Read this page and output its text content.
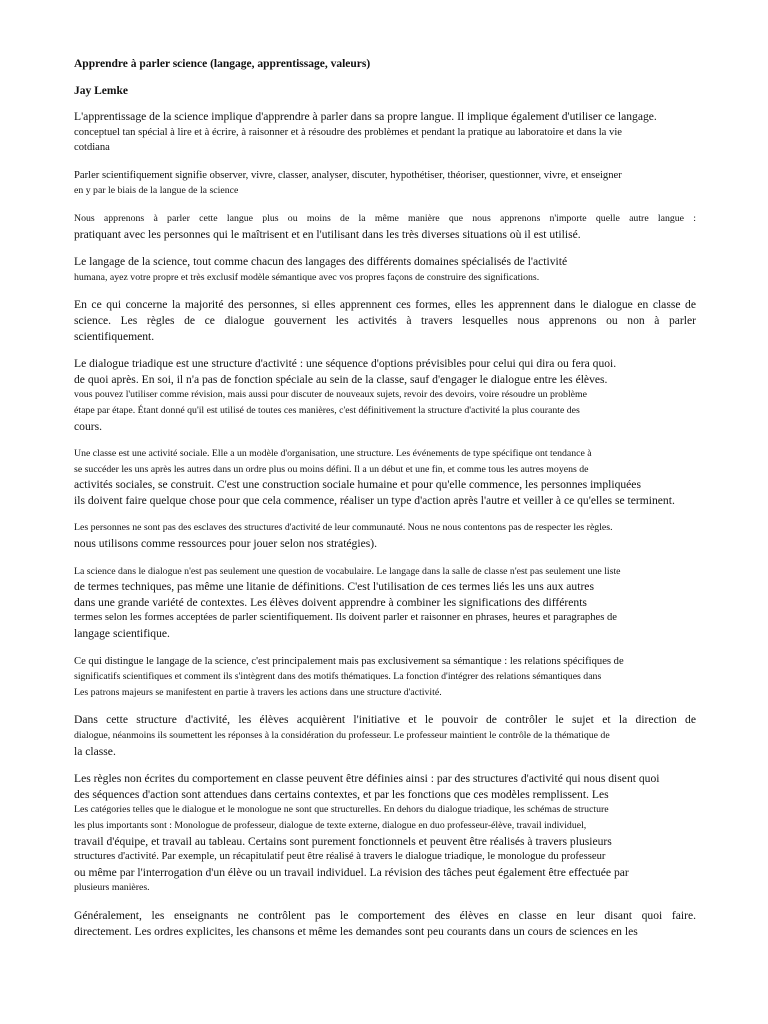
Apprendre à parler science (langage, apprentissage, valeurs)
Jay Lemke
L'apprentissage de la science implique d'apprendre à parler dans sa propre langue. Il implique également d'utiliser ce langage.
conceptuel tan spécial à lire et à écrire, à raisonner et à résoudre des problèmes et pendant la pratique au laboratoire et dans la vie
cotdiana
Parler scientifiquement signifie observer, vivre, classer, analyser, discuter, hypothétiser, théoriser, questionner, vivre, et enseigner
en y par le biais de la langue de la science
Nous apprenons à parler cette langue plus ou moins de la même manière que nous apprenons n'importe quelle autre langue :
pratiquant avec les personnes qui le maîtrisent et en l'utilisant dans les très diverses situations où il est utilisé.
Le langage de la science, tout comme chacun des langages des différents domaines spécialisés de l'activité
humana, ayez votre propre et très exclusif modèle sémantique avec vos propres façons de construire des significations.
En ce qui concerne la majorité des personnes, si elles apprennent ces formes, elles les apprennent dans le dialogue en classe de
science. Les règles de ce dialogue gouvernent les activités à travers lesquelles nous apprenons ou non à parler
scientifiquement.
Le dialogue triadique est une structure d'activité : une séquence d'options prévisibles pour celui qui dira ou fera quoi.
de quoi après. En soi, il n'a pas de fonction spéciale au sein de la classe, sauf d'engager le dialogue entre les élèves.
vous pouvez l'utiliser comme révision, mais aussi pour discuter de nouveaux sujets, revoir des devoirs, voire résoudre un problème
étape par étape. Étant donné qu'il est utilisé de toutes ces manières, c'est définitivement la structure d'activité la plus courante des
cours.
Une classe est une activité sociale. Elle a un modèle d'organisation, une structure. Les événements de type spécifique ont tendance à
se succéder les uns après les autres dans un ordre plus ou moins défini. Il a un début et une fin, et comme tous les autres moyens de
activités sociales, se construit. C'est une construction sociale humaine et pour qu'elle commence, les personnes impliquées
ils doivent faire quelque chose pour que cela commence, réaliser un type d'action après l'autre et veiller à ce qu'elles se terminent.
Les personnes ne sont pas des esclaves des structures d'activité de leur communauté. Nous ne nous contentons pas de respecter les règles.
nous utilisons comme ressources pour jouer selon nos stratégies).
La science dans le dialogue n'est pas seulement une question de vocabulaire. Le langage dans la salle de classe n'est pas seulement une liste
de termes techniques, pas même une litanie de définitions. C'est l'utilisation de ces termes liés les uns aux autres
dans une grande variété de contextes. Les élèves doivent apprendre à combiner les significations des différents
termes selon les formes acceptées de parler scientifiquement. Ils doivent parler et raisonner en phrases, heures et paragraphes de
langage scientifique.
Ce qui distingue le langage de la science, c'est principalement mais pas exclusivement sa sémantique : les relations spécifiques de
significatifs scientifiques et comment ils s'intègrent dans des motifs thématiques. La fonction d'intégrer des relations sémantiques dans
Les patrons majeurs se manifestent en partie à travers les actions dans une structure d'activité.
Dans cette structure d'activité, les élèves acquièrent l'initiative et le pouvoir de contrôler le sujet et la direction de
dialogue, néanmoins ils soumettent les réponses à la considération du professeur. Le professeur maintient le contrôle de la thématique de
la classe.
Les règles non écrites du comportement en classe peuvent être définies ainsi : par des structures d'activité qui nous disent quoi
des séquences d'action sont attendues dans certains contextes, et par les fonctions que ces modèles remplissent. Les
Les catégories telles que le dialogue et le monologue ne sont que structurelles. En dehors du dialogue triadique, les schémas de structure
les plus importants sont : Monologue de professeur, dialogue de texte externe, dialogue en duo professeur-élève, travail individuel,
travail d'équipe, et travail au tableau. Certains sont purement fonctionnels et peuvent être réalisés à travers plusieurs
structures d'activité. Par exemple, un récapitulatif peut être réalisé à travers le dialogue triadique, le monologue du professeur
ou même par l'interrogation d'un élève ou un travail individuel. La révision des tâches peut également être effectuée par
plusieurs manières.
Généralement, les enseignants ne contrôlent pas le comportement des élèves en classe en leur disant quoi faire.
directement. Les ordres explicites, les chansons et même les demandes sont peu courants dans un cours de sciences en les
